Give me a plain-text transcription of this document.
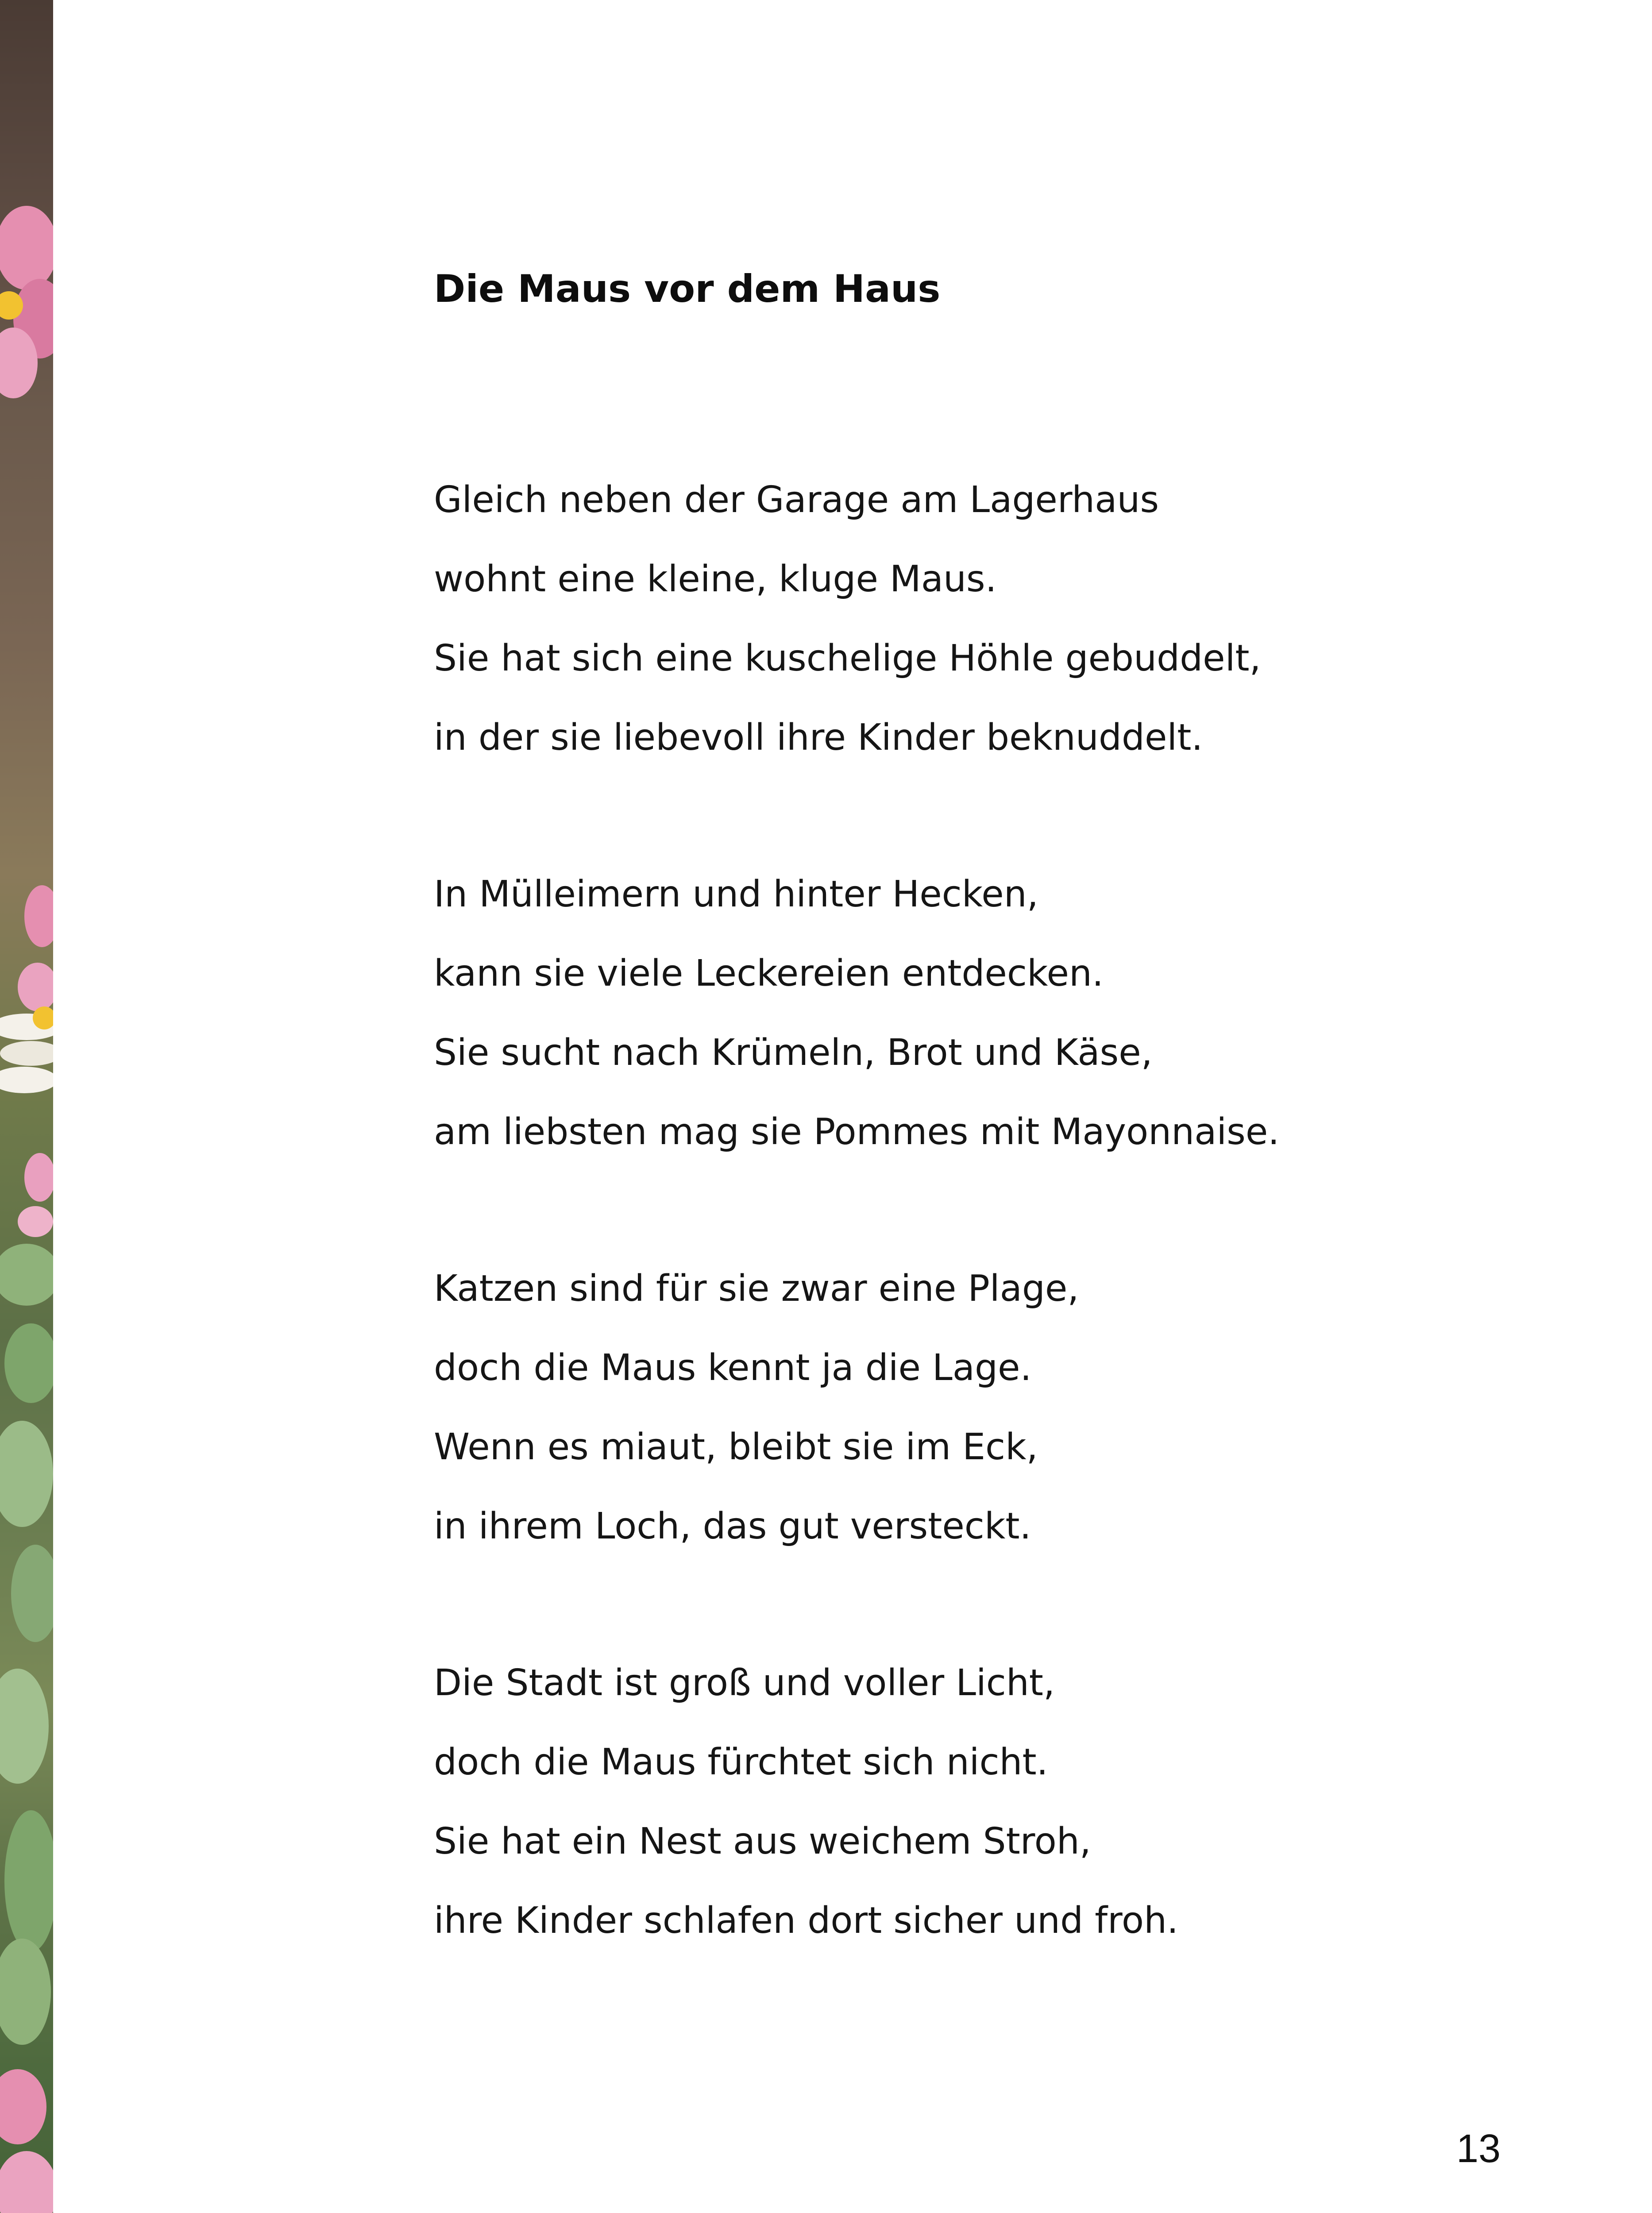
Die Maus vor dem Haus
Gleich neben der Garage am Lagerhaus
wohnt eine kleine, kluge Maus.
Sie hat sich eine kuschelige Höhle gebuddelt,
in der sie liebevoll ihre Kinder beknuddelt.
In Mülleimern und hinter Hecken,
kann sie viele Leckereien entdecken.
Sie sucht nach Krümeln, Brot und Käse,
am liebsten mag sie Pommes mit Mayonnaise.
Katzen sind für sie zwar eine Plage,
doch die Maus kennt ja die Lage.
Wenn es miaut, bleibt sie im Eck,
in ihrem Loch, das gut versteckt.
Die Stadt ist groß und voller Licht,
doch die Maus fürchtet sich nicht.
Sie hat ein Nest aus weichem Stroh,
ihre Kinder schlafen dort sicher und froh.
13
